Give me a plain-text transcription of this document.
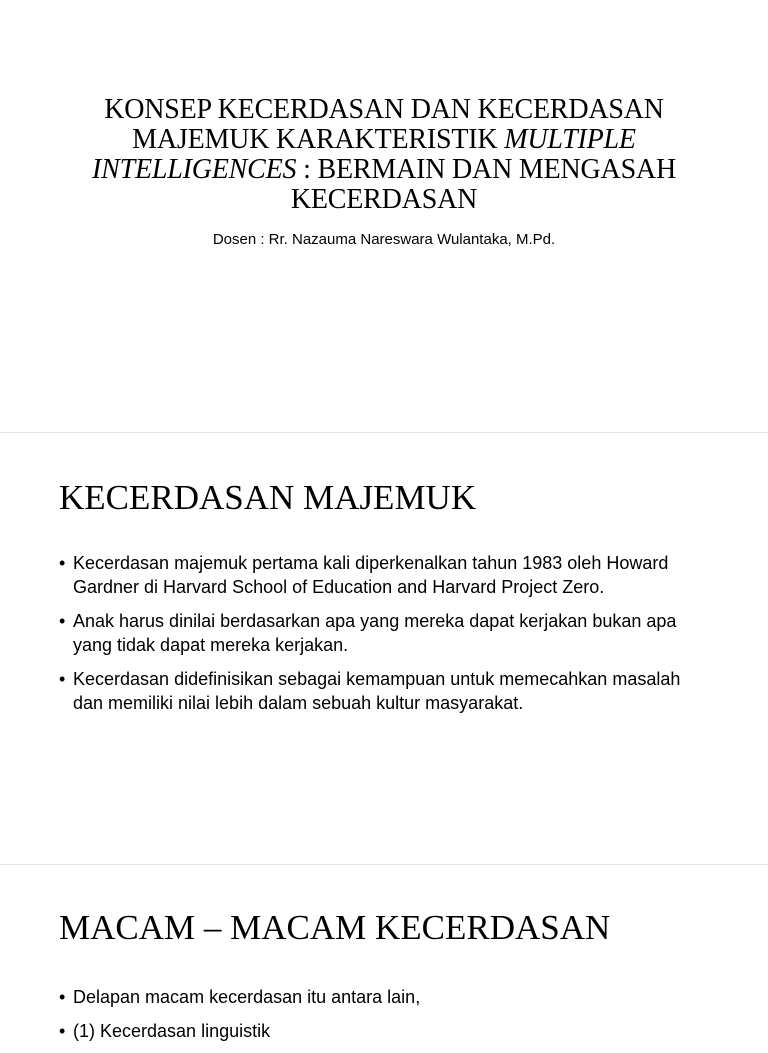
KONSEP KECERDASAN DAN KECERDASAN MAJEMUK KARAKTERISTIK MULTIPLE INTELLIGENCES : BERMAIN DAN MENGASAH KECERDASAN
Dosen : Rr. Nazauma Nareswara Wulantaka, M.Pd.
KECERDASAN MAJEMUK
• Kecerdasan majemuk pertama kali diperkenalkan tahun 1983 oleh Howard Gardner di Harvard School of Education and Harvard Project Zero.
• Anak harus dinilai berdasarkan apa yang mereka dapat kerjakan bukan apa yang tidak dapat mereka kerjakan.
• Kecerdasan didefinisikan sebagai kemampuan untuk memecahkan masalah dan memiliki nilai lebih dalam sebuah kultur masyarakat.
MACAM – MACAM KECERDASAN
• Delapan macam kecerdasan itu antara lain,
• (1) Kecerdasan linguistik
